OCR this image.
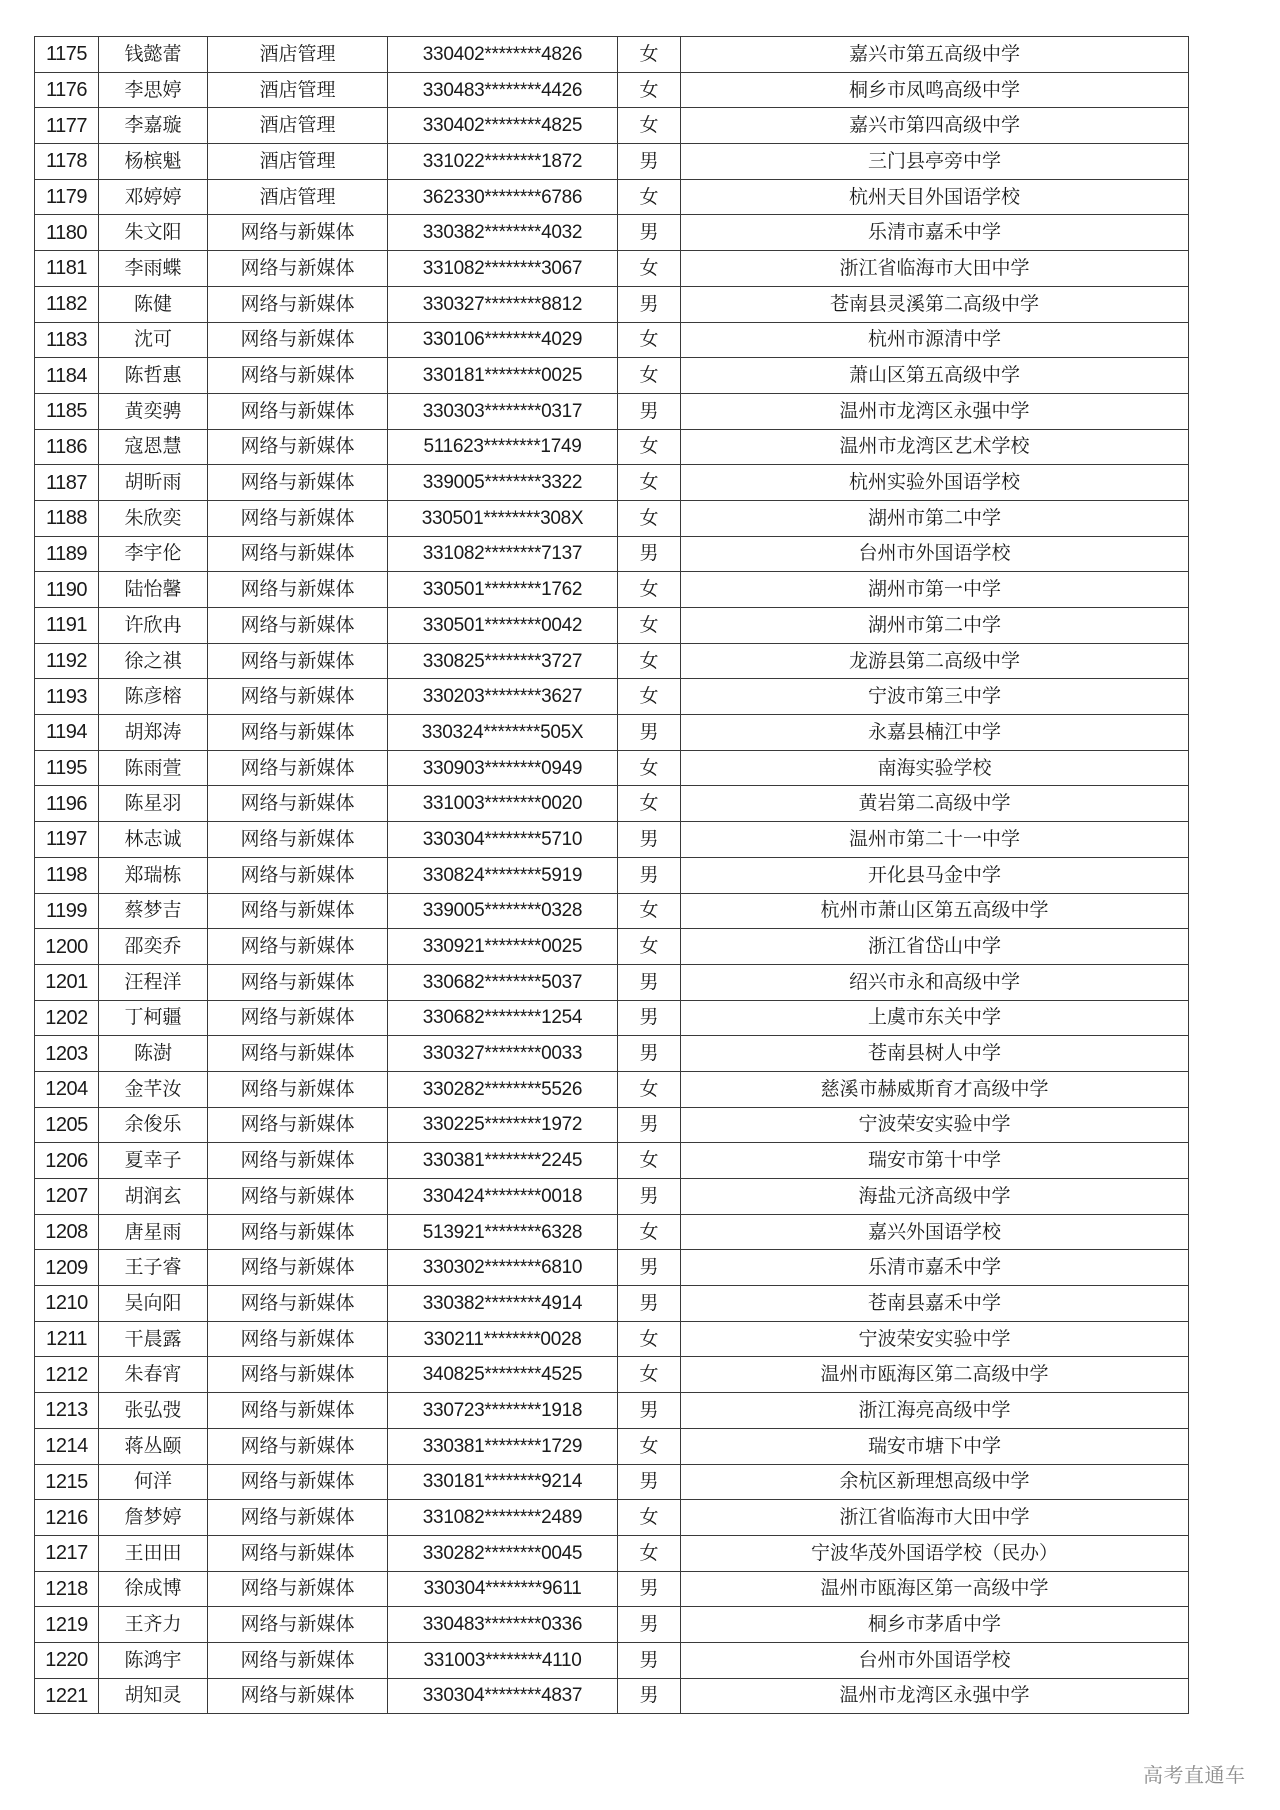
1175	钱懿蕾	酒店管理	330402********4826	女	嘉兴市第五高级中学
1176	李思婷	酒店管理	330483********4426	女	桐乡市凤鸣高级中学
1177	李嘉璇	酒店管理	330402********4825	女	嘉兴市第四高级中学
1178	杨槟魁	酒店管理	331022********1872	男	三门县亭旁中学
1179	邓婷婷	酒店管理	362330********6786	女	杭州天目外国语学校
1180	朱文阳	网络与新媒体	330382********4032	男	乐清市嘉禾中学
1181	李雨蝶	网络与新媒体	331082********3067	女	浙江省临海市大田中学
1182	陈健	网络与新媒体	330327********8812	男	苍南县灵溪第二高级中学
1183	沈可	网络与新媒体	330106********4029	女	杭州市源清中学
1184	陈哲惠	网络与新媒体	330181********0025	女	萧山区第五高级中学
1185	黄奕骋	网络与新媒体	330303********0317	男	温州市龙湾区永强中学
1186	寇恩慧	网络与新媒体	511623********1749	女	温州市龙湾区艺术学校
1187	胡昕雨	网络与新媒体	339005********3322	女	杭州实验外国语学校
1188	朱欣奕	网络与新媒体	330501********308X	女	湖州市第二中学
1189	李宇伦	网络与新媒体	331082********7137	男	台州市外国语学校
1190	陆怡馨	网络与新媒体	330501********1762	女	湖州市第一中学
1191	许欣冉	网络与新媒体	330501********0042	女	湖州市第二中学
1192	徐之祺	网络与新媒体	330825********3727	女	龙游县第二高级中学
1193	陈彦榕	网络与新媒体	330203********3627	女	宁波市第三中学
1194	胡郑涛	网络与新媒体	330324********505X	男	永嘉县楠江中学
1195	陈雨萱	网络与新媒体	330903********0949	女	南海实验学校
1196	陈星羽	网络与新媒体	331003********0020	女	黄岩第二高级中学
1197	林志诚	网络与新媒体	330304********5710	男	温州市第二十一中学
1198	郑瑞栋	网络与新媒体	330824********5919	男	开化县马金中学
1199	蔡梦吉	网络与新媒体	339005********0328	女	杭州市萧山区第五高级中学
1200	邵奕乔	网络与新媒体	330921********0025	女	浙江省岱山中学
1201	汪程洋	网络与新媒体	330682********5037	男	绍兴市永和高级中学
1202	丁柯疆	网络与新媒体	330682********1254	男	上虞市东关中学
1203	陈澍	网络与新媒体	330327********0033	男	苍南县树人中学
1204	金芊汝	网络与新媒体	330282********5526	女	慈溪市赫威斯育才高级中学
1205	余俊乐	网络与新媒体	330225********1972	男	宁波荣安实验中学
1206	夏幸子	网络与新媒体	330381********2245	女	瑞安市第十中学
1207	胡润玄	网络与新媒体	330424********0018	男	海盐元济高级中学
1208	唐星雨	网络与新媒体	513921********6328	女	嘉兴外国语学校
1209	王子睿	网络与新媒体	330302********6810	男	乐清市嘉禾中学
1210	吴向阳	网络与新媒体	330382********4914	男	苍南县嘉禾中学
1211	干晨露	网络与新媒体	330211********0028	女	宁波荣安实验中学
1212	朱春宵	网络与新媒体	340825********4525	女	温州市瓯海区第二高级中学
1213	张弘弢	网络与新媒体	330723********1918	男	浙江海亮高级中学
1214	蒋丛颐	网络与新媒体	330381********1729	女	瑞安市塘下中学
1215	何洋	网络与新媒体	330181********9214	男	余杭区新理想高级中学
1216	詹梦婷	网络与新媒体	331082********2489	女	浙江省临海市大田中学
1217	王田田	网络与新媒体	330282********0045	女	宁波华茂外国语学校（民办）
1218	徐成博	网络与新媒体	330304********9611	男	温州市瓯海区第一高级中学
1219	王齐力	网络与新媒体	330483********0336	男	桐乡市茅盾中学
1220	陈鸿宇	网络与新媒体	331003********4110	男	台州市外国语学校
1221	胡知灵	网络与新媒体	330304********4837	男	温州市龙湾区永强中学
高考直通车
